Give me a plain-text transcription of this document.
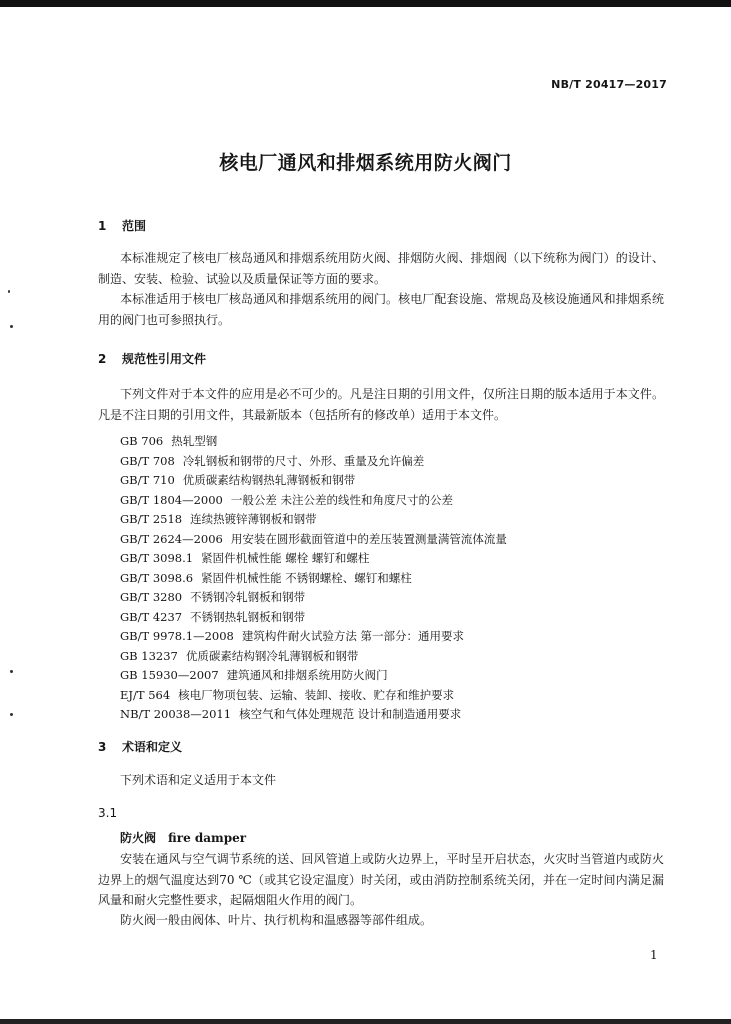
NB/T 20417—2017
核电厂通风和排烟系统用防火阀门
1 范围
本标准规定了核电厂核岛通风和排烟系统用防火阀、排烟防火阀、排烟阀（以下统称为阀门）的设计、制造、安装、检验、试验以及质量保证等方面的要求。
本标准适用于核电厂核岛通风和排烟系统用的阀门。核电厂配套设施、常规岛及核设施通风和排烟系统用的阀门也可参照执行。
2 规范性引用文件
下列文件对于本文件的应用是必不可少的。凡是注日期的引用文件，仅所注日期的版本适用于本文件。凡是不注日期的引用文件，其最新版本（包括所有的修改单）适用于本文件。
GB 706 热轧型钢
GB/T 708 冷轧钢板和钢带的尺寸、外形、重量及允许偏差
GB/T 710 优质碳素结构钢热轧薄钢板和钢带
GB/T 1804—2000 一般公差 未注公差的线性和角度尺寸的公差
GB/T 2518 连续热镀锌薄钢板和钢带
GB/T 2624—2006 用安装在圆形截面管道中的差压装置测量满管流体流量
GB/T 3098.1 紧固件机械性能 螺栓 螺钉和螺柱
GB/T 3098.6 紧固件机械性能 不锈钢螺栓、螺钉和螺柱
GB/T 3280 不锈钢冷轧钢板和钢带
GB/T 4237 不锈钢热轧钢板和钢带
GB/T 9978.1—2008 建筑构件耐火试验方法 第一部分：通用要求
GB 13237 优质碳素结构钢冷轧薄钢板和钢带
GB 15930—2007 建筑通风和排烟系统用防火阀门
EJ/T 564 核电厂物项包装、运输、装卸、接收、贮存和维护要求
NB/T 20038—2011 核空气和气体处理规范 设计和制造通用要求
3 术语和定义
下列术语和定义适用于本文件
3.1
防火阀 fire damper
安装在通风与空气调节系统的送、回风管道上或防火边界上，平时呈开启状态，火灾时当管道内或防火边界上的烟气温度达到70 ℃（或其它设定温度）时关闭，或由消防控制系统关闭，并在一定时间内满足漏风量和耐火完整性要求，起隔烟阻火作用的阀门。
防火阀一般由阀体、叶片、执行机构和温感器等部件组成。
1
